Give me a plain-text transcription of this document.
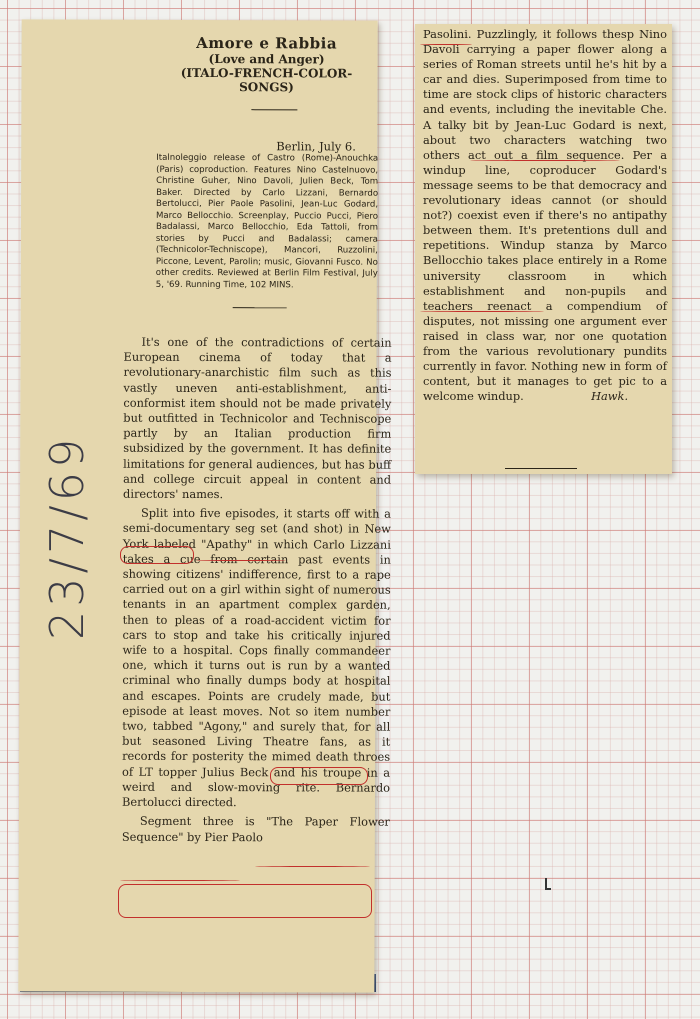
Amore e Rabbia
(Love and Anger)
(ITALO-FRENCH-COLOR-SONGS)
Berlin, July 6.
Italnoleggio release of Castro (Rome)-Anouchka (Paris) coproduction. Features Nino Castelnuovo, Christine Guher, Nino Davoli, Julien Beck, Tom Baker. Directed by Carlo Lizzani, Bernardo Bertolucci, Pier Paole Pasolini, Jean-Luc Godard, Marco Bellocchio. Screenplay, Puccio Pucci, Piero Badalassi, Marco Bellocchio, Eda Tattoli, from stories by Pucci and Badalassi; camera (Technicolor-Techniscope), Mancori, Ruzzolini, Piccone, Levent, Parolin; music, Giovanni Fusco. No other credits. Reviewed at Berlin Film Festival, July 5, '69. Running Time, 102 MINS.

It's one of the contradictions of certain European cinema of today that a revolutionary-anarchistic film such as this vastly uneven anti-establishment, anti-conformist item should not be made privately but outfitted in Technicolor and Techniscope partly by an Italian production firm subsidized by the government. It has definite limitations for general audiences, but has buff and college circuit appeal in content and directors' names.

Split into five episodes, it starts off with a semi-documentary seg set (and shot) in New York labeled "Apathy" in which Carlo Lizzani takes a cue from certain past events in showing citizens' indifference, first to a rape carried out on a girl within sight of numerous tenants in an apartment complex garden, then to pleas of a road-accident victim for cars to stop and take his critically injured wife to a hospital. Cops finally commandeer one, which it turns out is run by a wanted criminal who finally dumps body at hospital and escapes. Points are crudely made, but episode at least moves. Not so item number two, tabbed "Agony," and surely that, for all but seasoned Living Theatre fans, as it records for posterity the mimed death throes of LT topper Julius Beck and his troupe in a weird and slow-moving rite. Bernardo Bertolucci directed.

Segment three is "The Paper Flower Sequence" by Pier Paolo

23/7/69
Pasolini. Puzzlingly, it follows thesp Nino Davoli carrying a paper flower along a series of Roman streets until he's hit by a car and dies. Superimposed from time to time are stock clips of historic characters and events, including the inevitable Che. A talky bit by Jean-Luc Godard is next, about two characters watching two others act out a film sequence. Per a windup line, coproducer Godard's message seems to be that democracy and revolutionary ideas cannot (or should not?) coexist even if there's no antipathy between them. It's pretentions dull and repetitions. Windup stanza by Marco Bellocchio takes place entirely in a Rome university classroom in which establishment and non-pupils and teachers reenact a compendium of disputes, not missing one argument ever raised in class war, nor one quotation from the various revolutionary pundits currently in favor. Nothing new in form of content, but it manages to get pic to a welcome windup.	Hawk.
